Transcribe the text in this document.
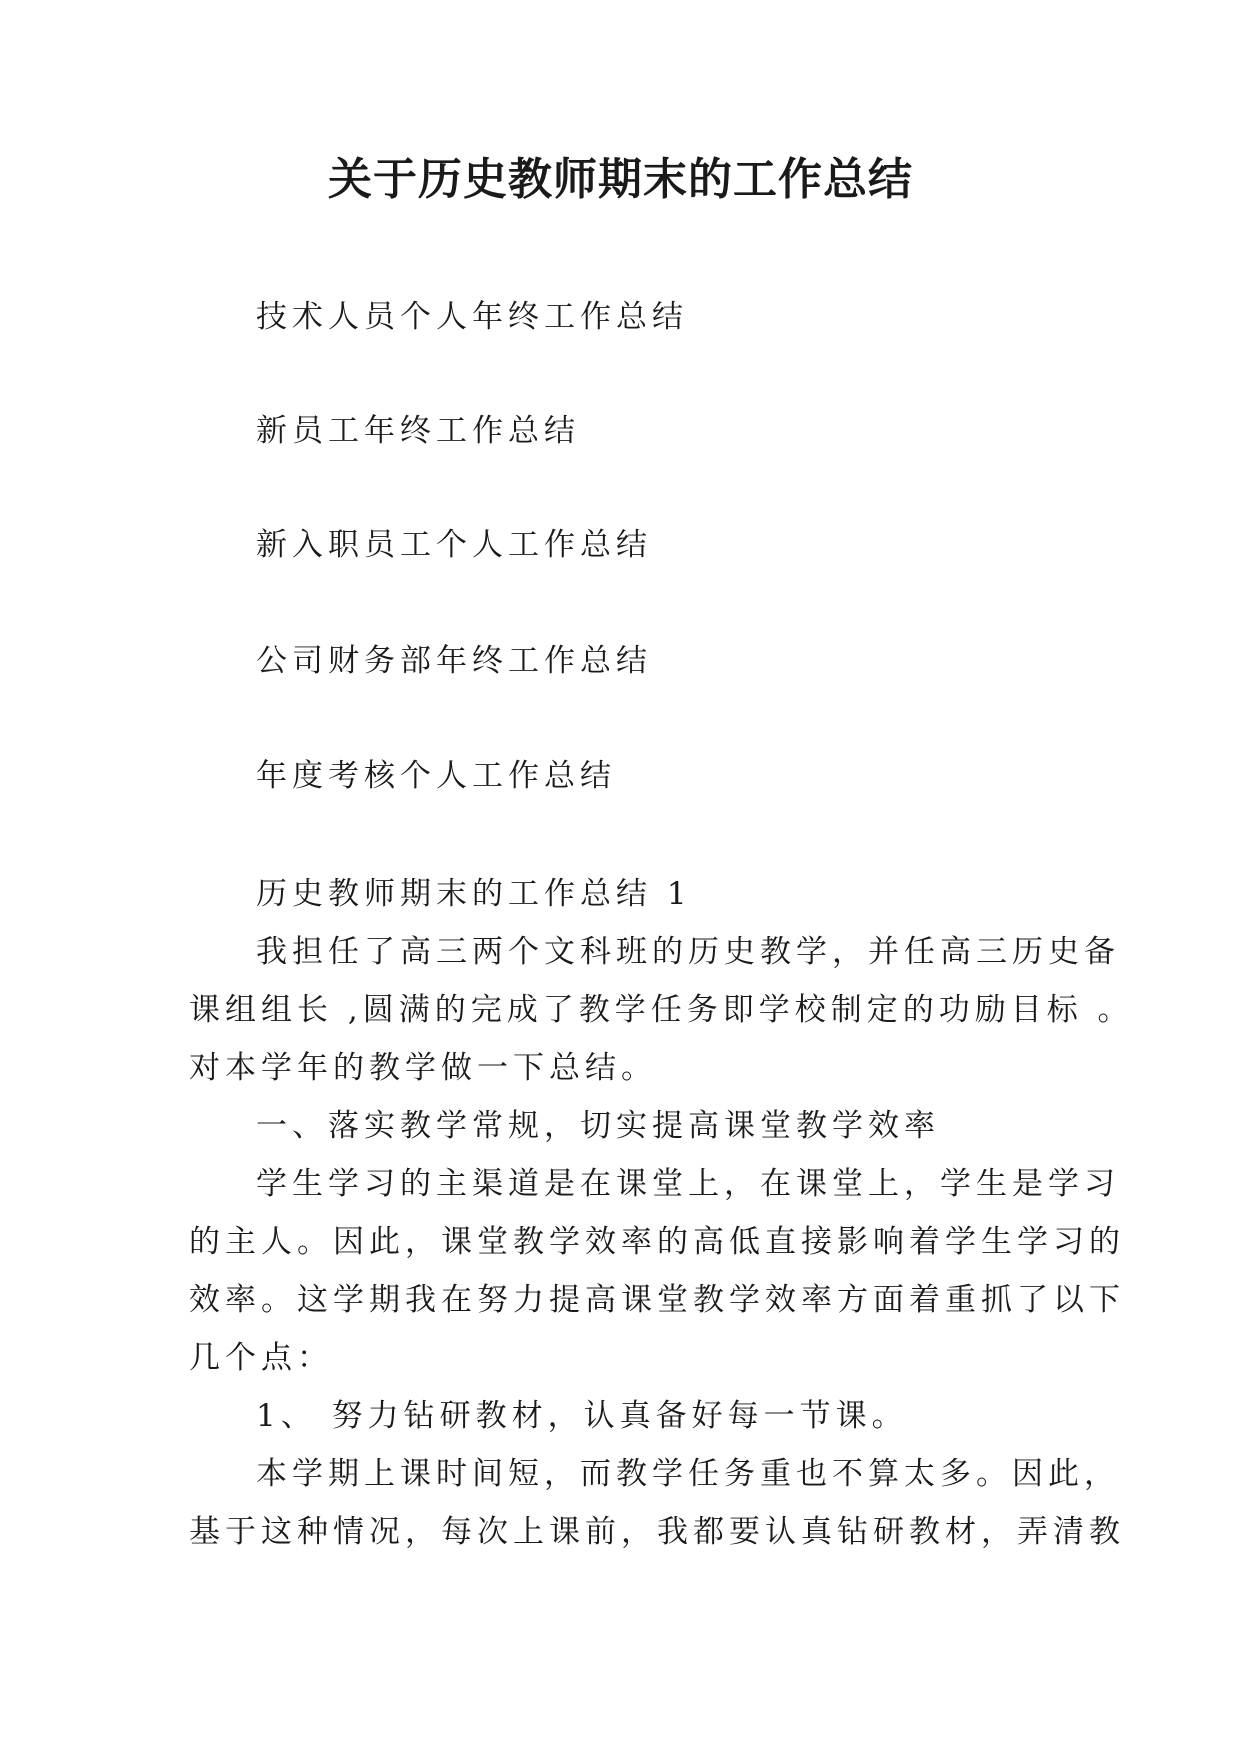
关于历史教师期末的工作总结
技术人员个人年终工作总结
新员工年终工作总结
新入职员工个人工作总结
公司财务部年终工作总结
年度考核个人工作总结
历史教师期末的工作总结 1
我担任了高三两个文科班的历史教学，并任高三历史备
课组组长 ,圆满的完成了教学任务即学校制定的功励目标 。
对本学年的教学做一下总结。
一、落实教学常规，切实提高课堂教学效率
学生学习的主渠道是在课堂上，在课堂上，学生是学习
的主人。因此，课堂教学效率的高低直接影响着学生学习的
效率。这学期我在努力提高课堂教学效率方面着重抓了以下
几个点：
1、 努力钻研教材，认真备好每一节课。
本学期上课时间短，而教学任务重也不算太多。因此，
基于这种情况，每次上课前，我都要认真钻研教材，弄清教
